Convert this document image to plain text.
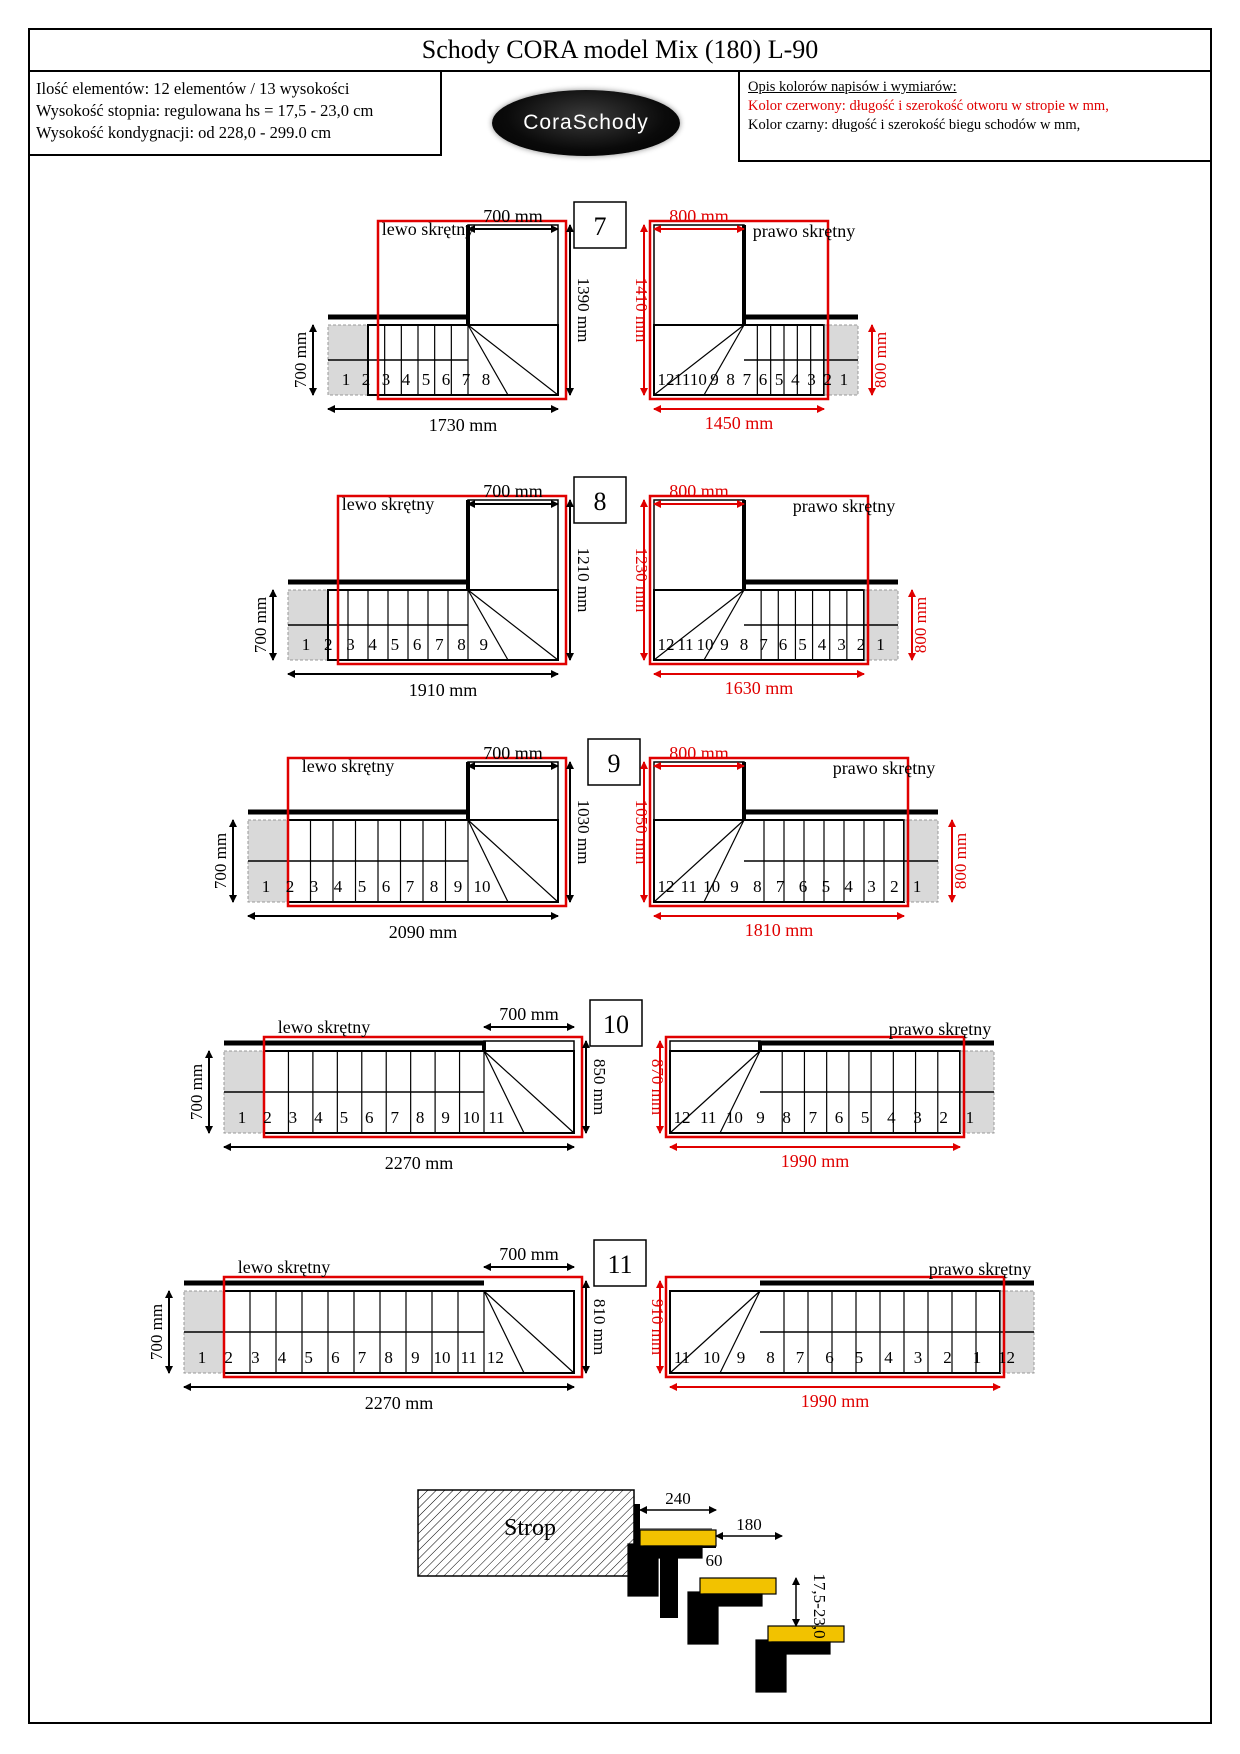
Schody CORA model Mix (180) L-90
Ilość elementów: 12 elementów / 13 wysokości
Wysokość stopnia: regulowana hs = 17,5 - 23,0 cm
Wysokość kondygnacji: od 228,0 - 299.0 cm	CoraSchody
Opis kolorów napisów i wymiarów:
Kolor czerwony: długość i szerokość otworu w stropie w mm,
Kolor czarny: długość i szerokość biegu schodów w mm,
7
1 2 3 4 5 6 7 8
lewo skrętny
700 mm
700 mm
1730 mm
1390 mm 1410 mm
12 11 10 9 8 7 6 5 4 3 2 1
prawo skrętny
800 mm
800 mm
1450 mm
8
1 2 3 4 5 6 7 8 9
lewo skrętny
700 mm
700 mm
1910 mm
1210 mm 1230 mm
12 11 10 9 8 7 6 5 4 3 2 1
prawo skrętny
800 mm
800 mm
1630 mm
9
1 2 3 4 5 6 7 8 9 10
lewo skrętny
700 mm
700 mm
2090 mm
1030 mm 1050 mm
12 11 10 9 8 7 6 5 4 3 2 1
prawo skrętny
800 mm
800 mm
1810 mm
10
1 2 3 4 5 6 7 8 9 10 11
lewo skrętny
700 mm
700 mm
2270 mm
850 mm 870 mm
12 11 10 9 8 7 6 5 4 3 2 1
prawo skrętny
1990 mm
11
1 2 3 4 5 6 7 8 9 10 11 12
lewo skrętny
700 mm
700 mm
2270 mm
810 mm 910 mm
11 10 9 8 7 6 5 4 3 2 1 12
prawo skrętny
1990 mm
Strop
240
180
60
17,5-23,0
